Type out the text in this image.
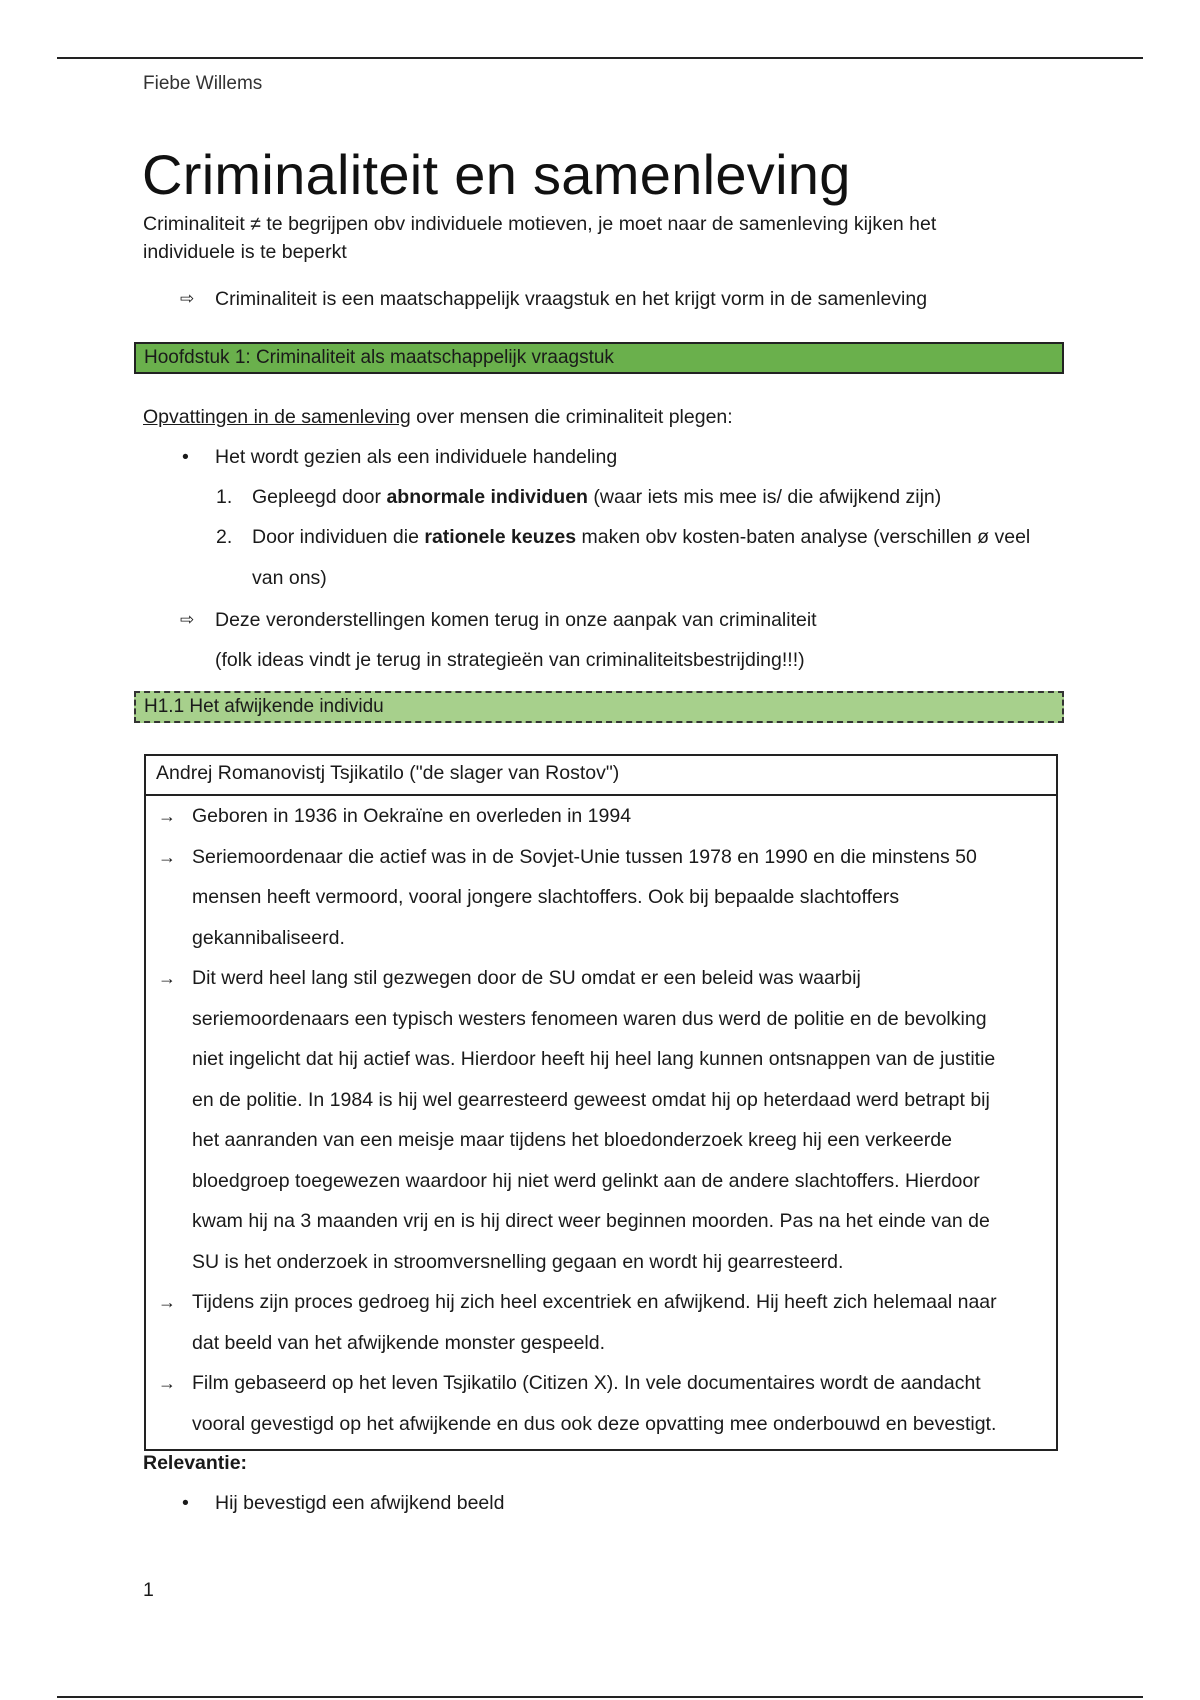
Fiebe Willems
Criminaliteit en samenleving
Criminaliteit ≠ te begrijpen obv individuele motieven, je moet naar de samenleving kijken het
individuele is te beperkt
⇨ Criminaliteit is een maatschappelijk vraagstuk en het krijgt vorm in de samenleving
Hoofdstuk 1: Criminaliteit als maatschappelijk vraagstuk
Opvattingen in de samenleving over mensen die criminaliteit plegen:
• Het wordt gezien als een individuele handeling
1. Gepleegd door abnormale individuen (waar iets mis mee is/ die afwijkend zijn)
2. Door individuen die rationele keuzes maken obv kosten-baten analyse (verschillen ø veel
van ons)
⇨ Deze veronderstellingen komen terug in onze aanpak van criminaliteit
(folk ideas vindt je terug in strategieën van criminaliteitsbestrijding!!!)
H1.1 Het afwijkende individu
Andrej Romanovistj Tsjikatilo ("de slager van Rostov")
→ Geboren in 1936 in Oekraïne en overleden in 1994
→ Seriemoordenaar die actief was in de Sovjet-Unie tussen 1978 en 1990 en die minstens 50
mensen heeft vermoord, vooral jongere slachtoffers. Ook bij bepaalde slachtoffers
gekannibaliseerd.
→ Dit werd heel lang stil gezwegen door de SU omdat er een beleid was waarbij
seriemoordenaars een typisch westers fenomeen waren dus werd de politie en de bevolking
niet ingelicht dat hij actief was. Hierdoor heeft hij heel lang kunnen ontsnappen van de justitie
en de politie. In 1984 is hij wel gearresteerd geweest omdat hij op heterdaad werd betrapt bij
het aanranden van een meisje maar tijdens het bloedonderzoek kreeg hij een verkeerde
bloedgroep toegewezen waardoor hij niet werd gelinkt aan de andere slachtoffers. Hierdoor
kwam hij na 3 maanden vrij en is hij direct weer beginnen moorden. Pas na het einde van de
SU is het onderzoek in stroomversnelling gegaan en wordt hij gearresteerd.
→ Tijdens zijn proces gedroeg hij zich heel excentriek en afwijkend. Hij heeft zich helemaal naar
dat beeld van het afwijkende monster gespeeld.
→ Film gebaseerd op het leven Tsjikatilo (Citizen X). In vele documentaires wordt de aandacht
vooral gevestigd op het afwijkende en dus ook deze opvatting mee onderbouwd en bevestigt.
Relevantie:
• Hij bevestigd een afwijkend beeld
1
